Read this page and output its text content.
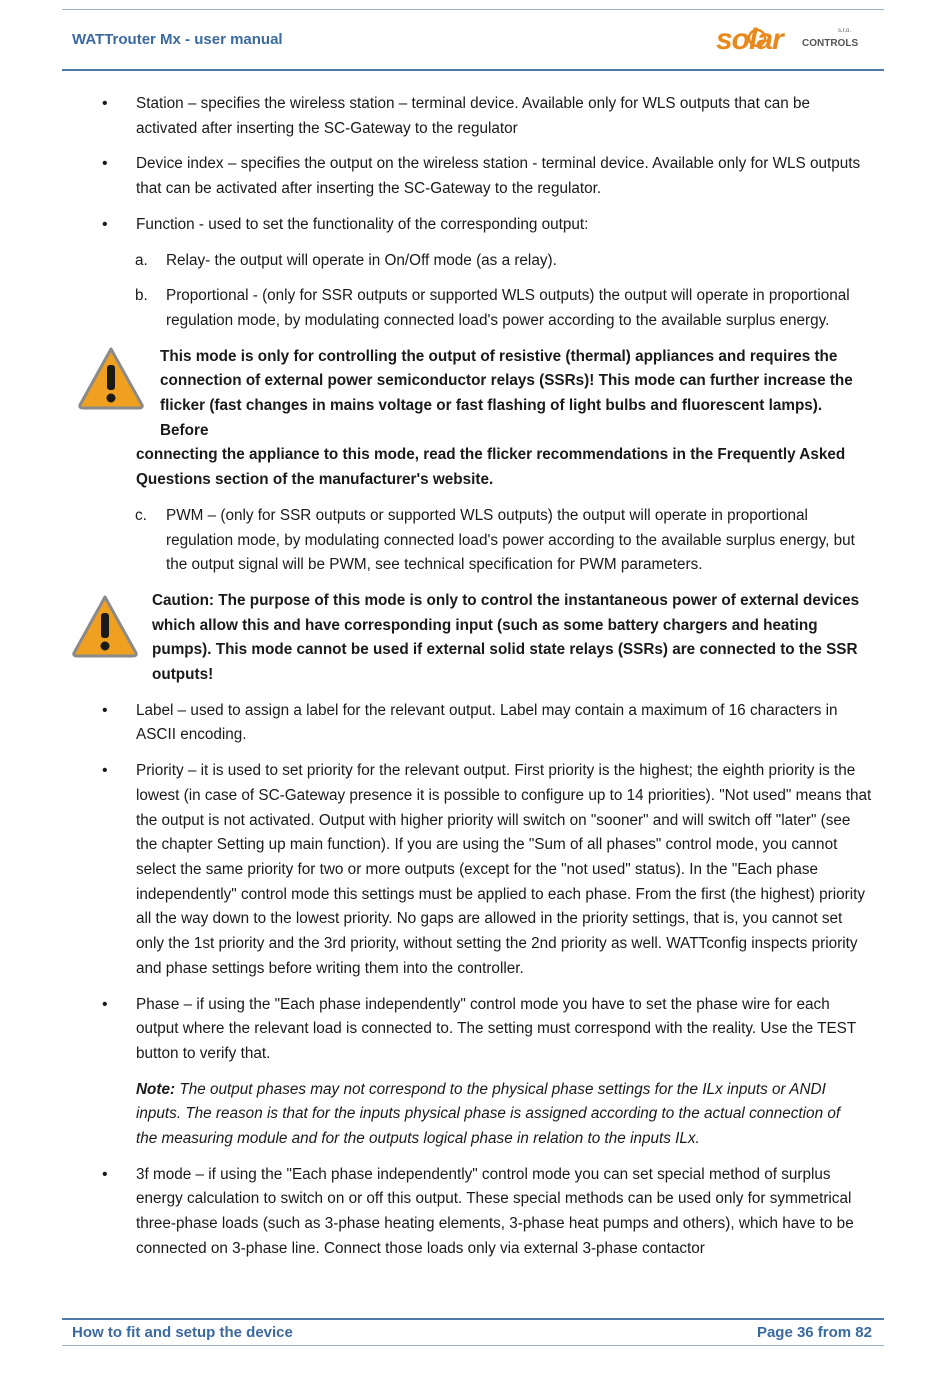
WATTrouter Mx - user manual	solar	s.r.o.
CONTROLS
• Station – specifies the wireless station – terminal device. Available only for WLS outputs that can be activated after inserting the SC-Gateway to the regulator
• Device index – specifies the output on the wireless station - terminal device. Available only for WLS outputs that can be activated after inserting the SC-Gateway to the regulator.
• Function - used to set the functionality of the corresponding output:
a. Relay- the output will operate in On/Off mode (as a relay).
b. Proportional - (only for SSR outputs or supported WLS outputs) the output will operate in proportional regulation mode, by modulating connected load's power according to the available surplus energy.
This mode is only for controlling the output of resistive (thermal) appliances and requires the
connection of external power semiconductor relays (SSRs)! This mode can further increase the
flicker (fast changes in mains voltage or fast flashing of light bulbs and fluorescent lamps). Before
connecting the appliance to this mode, read the flicker recommendations in the Frequently Asked Questions section of the manufacturer's website.
c. PWM – (only for SSR outputs or supported WLS outputs) the output will operate in proportional regulation mode, by modulating connected load's power according to the available surplus energy, but the output signal will be PWM, see technical specification for PWM parameters.
Caution: The purpose of this mode is only to control the instantaneous power of external devices which allow this and have corresponding input (such as some battery chargers and heating pumps). This mode cannot be used if external solid state relays (SSRs) are connected to the SSR outputs!
• Label – used to assign a label for the relevant output. Label may contain a maximum of 16 characters in ASCII encoding.
• Priority – it is used to set priority for the relevant output. First priority is the highest; the eighth priority is the lowest (in case of SC-Gateway presence it is possible to configure up to 14 priorities). "Not used" means that the output is not activated. Output with higher priority will switch on "sooner" and will switch off "later" (see the chapter Setting up main function). If you are using the "Sum of all phases" control mode, you cannot select the same priority for two or more outputs (except for the "not used" status). In the "Each phase independently" control mode this settings must be applied to each phase. From the first (the highest) priority all the way down to the lowest priority. No gaps are allowed in the priority settings, that is, you cannot set only the 1st priority and the 3rd priority, without setting the 2nd priority as well. WATTconfig inspects priority and phase settings before writing them into the controller.
• Phase – if using the "Each phase independently" control mode you have to set the phase wire for each output where the relevant load is connected to. The setting must correspond with the reality. Use the TEST button to verify that.
Note: The output phases may not correspond to the physical phase settings for the ILx inputs or ANDI inputs. The reason is that for the inputs physical phase is assigned according to the actual connection of the measuring module and for the outputs logical phase in relation to the inputs ILx.
• 3f mode – if using the "Each phase independently" control mode you can set special method of surplus energy calculation to switch on or off this output. These special methods can be used only for symmetrical three-phase loads (such as 3-phase heating elements, 3-phase heat pumps and others), which have to be connected on 3-phase line. Connect those loads only via external 3-phase contactor
How to fit and setup the device	Page 36 from 82
